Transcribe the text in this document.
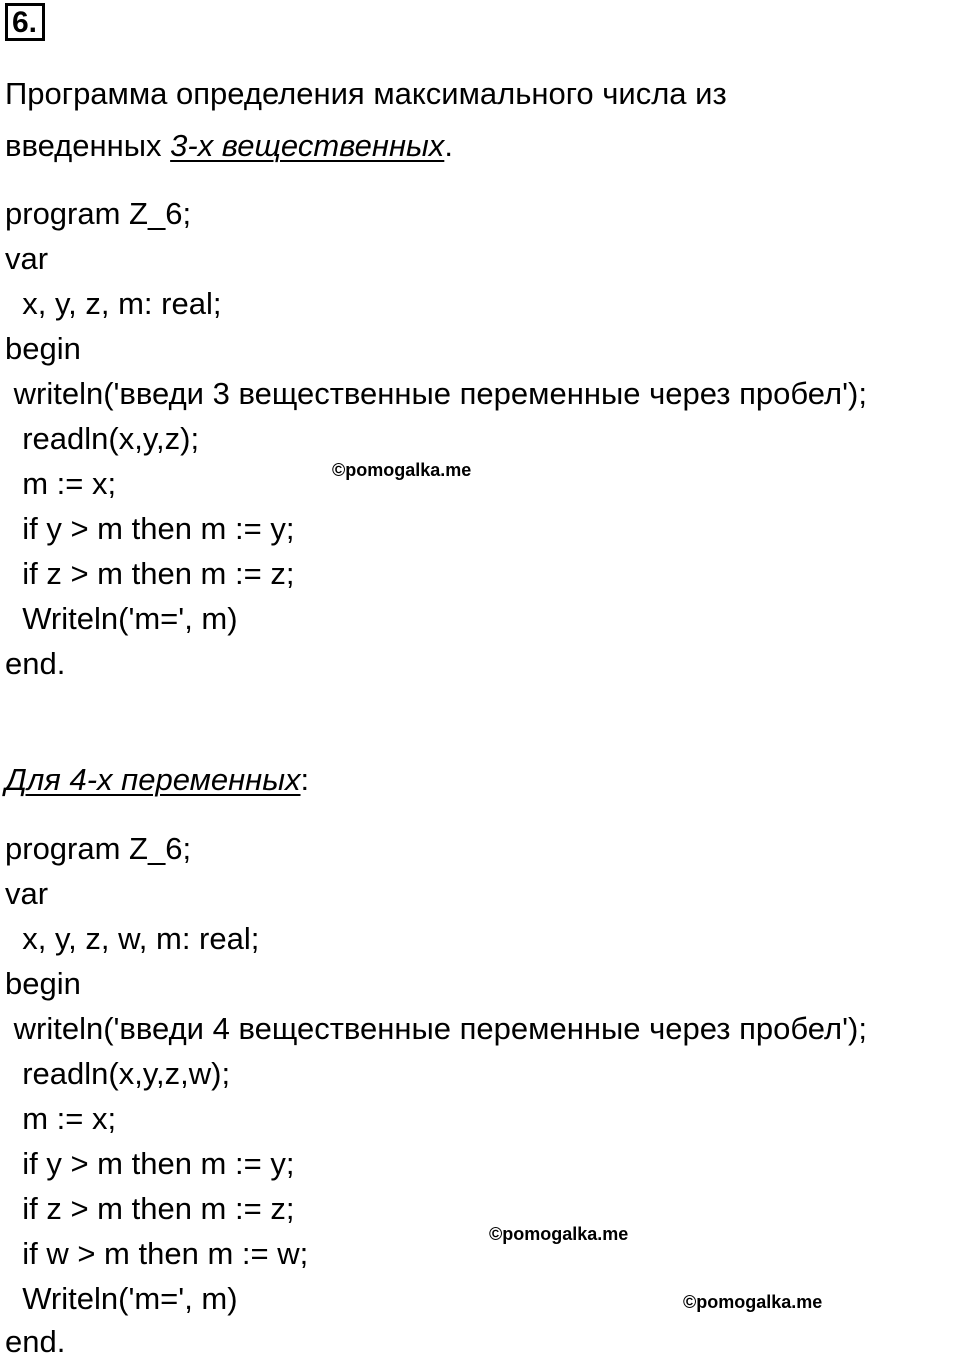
6.
Программа определения максимального числа из
введенных 3-х вещественных.
program Z_6;
var
x, y, z, m: real;
begin
writeln('введи 3 вещественные переменные через пробел');
readln(x,y,z);
m := x;
if y > m then m := y;
if z > m then m := z;
Writeln('m=', m)
end.
©pomogalka.me
Для 4-х переменных:
program Z_6;
var
x, y, z, w, m: real;
begin
writeln('введи 4 вещественные переменные через пробел');
readln(x,y,z,w);
m := x;
if y > m then m := y;
if z > m then m := z;
if w > m then m := w;
Writeln('m=', m)
end.
©pomogalka.me
©pomogalka.me
